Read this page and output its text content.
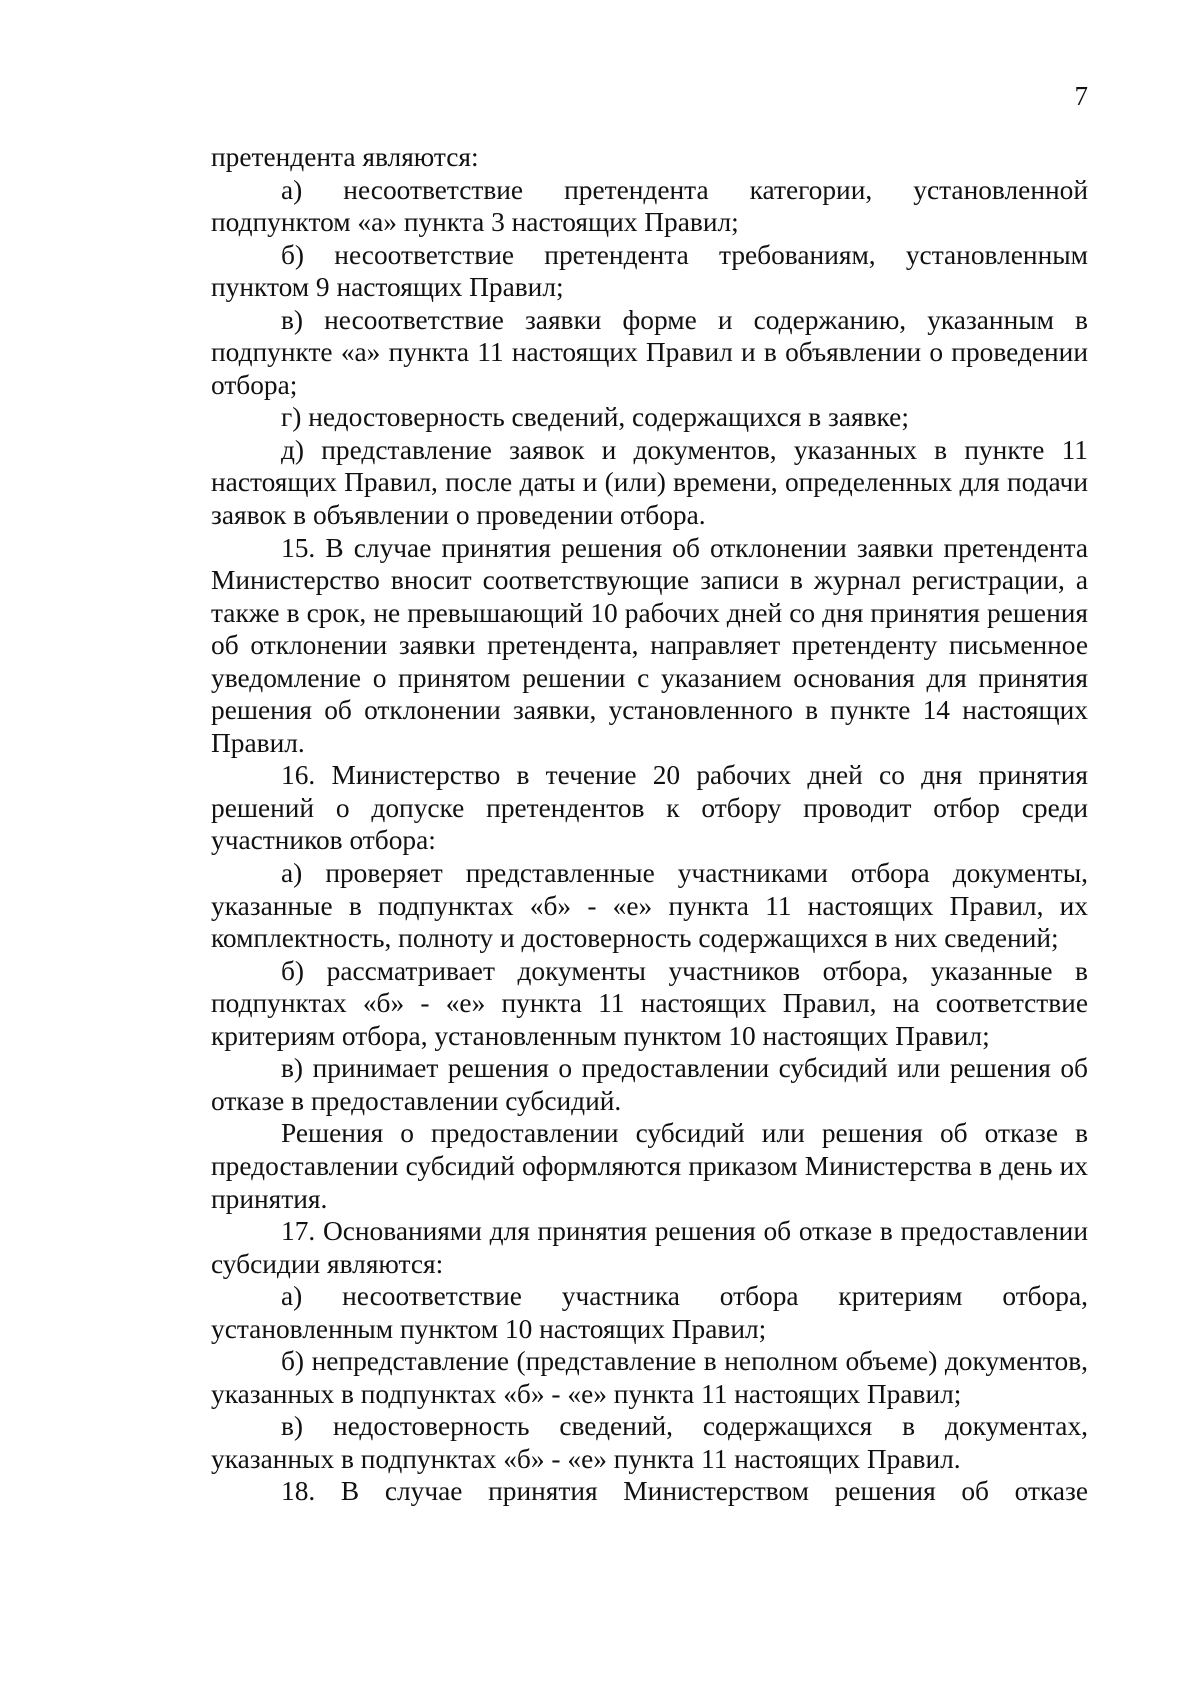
7

претендента являются:

а) несоответствие претендента категории, установленной подпунктом «а» пункта 3 настоящих Правил;

б) несоответствие претендента требованиям, установленным пунктом 9 настоящих Правил;

в) несоответствие заявки форме и содержанию, указанным в подпункте «а» пункта 11 настоящих Правил и в объявлении о проведении отбора;

г) недостоверность сведений, содержащихся в заявке;

д) представление заявок и документов, указанных в пункте 11 настоящих Правил, после даты и (или) времени, определенных для подачи заявок в объявлении о проведении отбора.

15. В случае принятия решения об отклонении заявки претендента Министерство вносит соответствующие записи в журнал регистрации, а также в срок, не превышающий 10 рабочих дней со дня принятия решения об отклонении заявки претендента, направляет претенденту письменное уведомление о принятом решении с указанием основания для принятия решения об отклонении заявки, установленного в пункте 14 настоящих Правил.

16. Министерство в течение 20 рабочих дней со дня принятия решений о допуске претендентов к отбору проводит отбор среди участников отбора:

а) проверяет представленные участниками отбора документы, указанные в подпунктах «б» - «е» пункта 11 настоящих Правил, их комплектность, полноту и достоверность содержащихся в них сведений;

б) рассматривает документы участников отбора, указанные в подпунктах «б» - «е» пункта 11 настоящих Правил, на соответствие критериям отбора, установленным пунктом 10 настоящих Правил;

в) принимает решения о предоставлении субсидий или решения об отказе в предоставлении субсидий.

Решения о предоставлении субсидий или решения об отказе в предоставлении субсидий оформляются приказом Министерства в день их принятия.

17. Основаниями для принятия решения об отказе в предоставлении субсидии являются:

а) несоответствие участника отбора критериям отбора, установленным пунктом 10 настоящих Правил;

б) непредставление (представление в неполном объеме) документов, указанных в подпунктах «б» - «е» пункта 11 настоящих Правил;

в) недостоверность сведений, содержащихся в документах, указанных в подпунктах «б» - «е» пункта 11 настоящих Правил.

18. В случае принятия Министерством решения об отказе
